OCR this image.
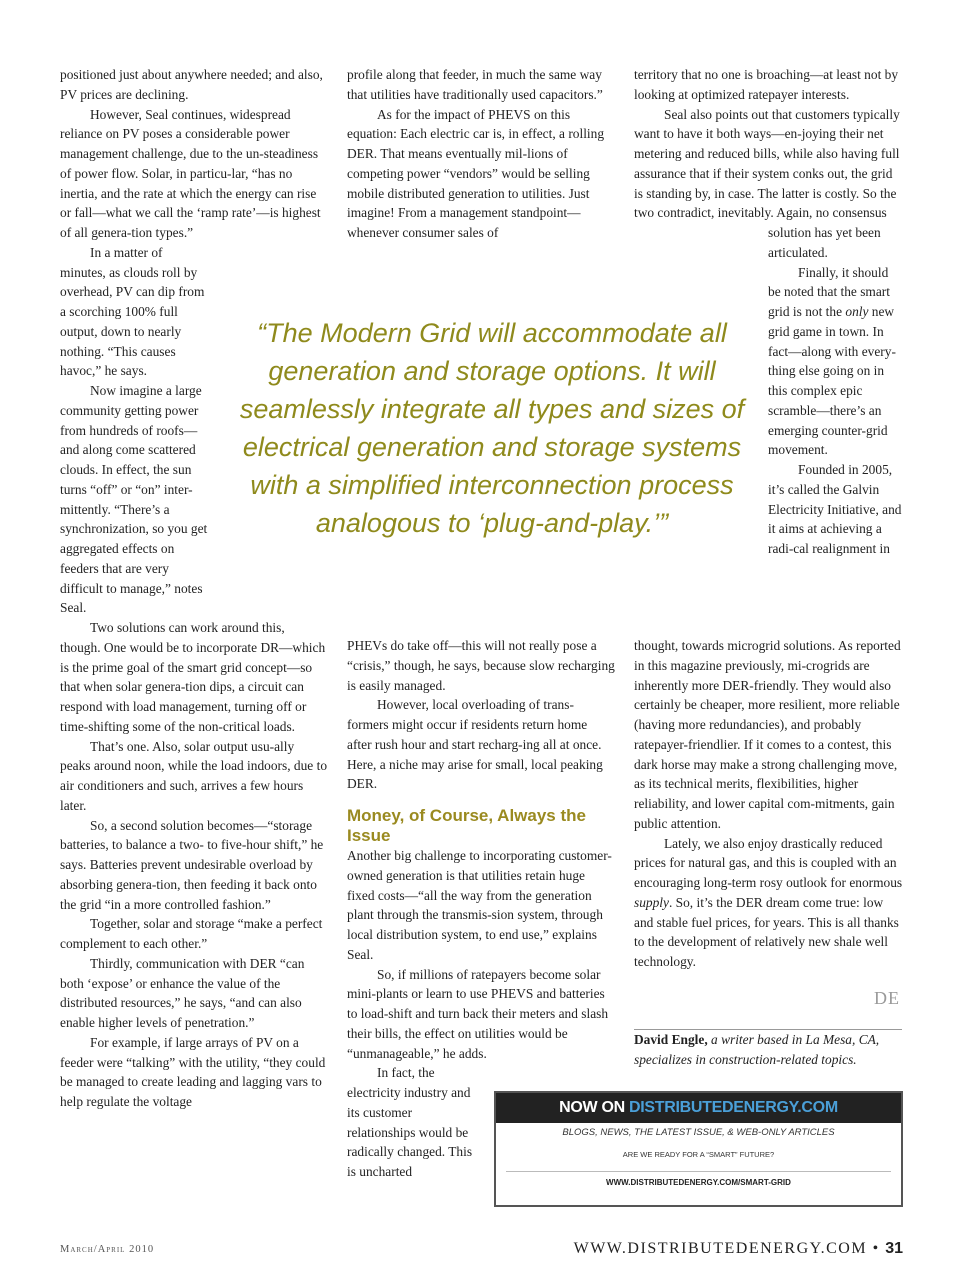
positioned just about anywhere needed; and also, PV prices are declining.

However, Seal continues, widespread reliance on PV poses a considerable power management challenge, due to the un-steadiness of power flow. Solar, in particu-lar, “has no inertia, and the rate at which the energy can rise or fall—what we call the ‘ramp rate’—is highest of all genera-tion types.”

In a matter of minutes, as clouds roll by overhead, PV can dip from a scorching 100% full output, down to nearly nothing. “This causes havoc,” he says.

Now imagine a large community getting power from hundreds of roofs—and along come scattered clouds. In effect, the sun turns “off” or “on” inter-mittently. “There’s a synchronization, so you get aggregated effects on feeders that are very difficult to manage,” notes Seal.

Two solutions can work around this, though. One would be to incorporate DR—which is the prime goal of the smart grid concept—so that when solar genera-tion dips, a circuit can respond with load management, turning off or time-shifting some of the non-critical loads.

That’s one. Also, solar output usu-ally peaks around noon, while the load indoors, due to air conditioners and such, arrives a few hours later.

So, a second solution becomes—“storage batteries, to balance a two- to five-hour shift,” he says. Batteries prevent undesirable overload by absorbing genera-tion, then feeding it back onto the grid “in a more controlled fashion.”

Together, solar and storage “make a perfect complement to each other.”

Thirdly, communication with DER “can both ‘expose’ or enhance the value of the distributed resources,” he says, “and can also enable higher levels of penetration.”

For example, if large arrays of PV on a feeder were “talking” with the utility, “they could be managed to create leading and lagging vars to help regulate the voltage

profile along that feeder, in much the same way that utilities have traditionally used capacitors.”

As for the impact of PHEVS on this equation: Each electric car is, in effect, a rolling DER. That means eventually mil-lions of competing power “vendors” would be selling mobile distributed generation to utilities. Just imagine! From a management standpoint—whenever consumer sales of

PHEVs do take off—this will not really pose a “crisis,” though, he says, because slow recharging is easily managed.

However, local overloading of trans-formers might occur if residents return home after rush hour and start recharg-ing all at once. Here, a niche may arise for small, local peaking DER.

Money, of Course, Always the Issue

Another big challenge to incorporating customer-owned generation is that utilities retain huge fixed costs—“all the way from the generation plant through the transmis-sion system, through local distribution system, to end use,” explains Seal.

So, if millions of ratepayers become solar mini-plants or learn to use PHEVS and batteries to load-shift and turn back their meters and slash their bills, the effect on utilities would be “unmanageable,” he adds.

In fact, the electricity industry and its customer relationships would be radically changed. This is uncharted

territory that no one is broaching—at least not by looking at optimized ratepayer interests.

Seal also points out that customers typically want to have it both ways—en-joying their net metering and reduced bills, while also having full assurance that if their system conks out, the grid is standing by, in case. The latter is costly. So the two contradict, inevitably. Again, no consensus

solution has yet been articulated.

Finally, it should be noted that the smart grid is not the only new grid game in town. In fact—along with every-thing else going on in this complex epic scramble—there’s an emerging counter-grid movement.

Founded in 2005, it’s called the Galvin Electricity Initiative, and it aims at achieving a radi-cal realignment in

thought, towards microgrid solutions. As reported in this magazine previously, mi-crogrids are inherently more DER-friendly. They would also certainly be cheaper, more resilient, more reliable (having more redundancies), and probably ratepayer-friendlier. If it comes to a contest, this dark horse may make a strong challenging move, as its technical merits, flexibilities, higher reliability, and lower capital com-mitments, gain public attention.

Lately, we also enjoy drastically reduced prices for natural gas, and this is coupled with an encouraging long-term rosy outlook for enormous supply. So, it’s the DER dream come true: low and stable fuel prices, for years. This is all thanks to the development of relatively new shale well technology.

DE
“The Modern Grid will accommodate all generation and storage options. It will seamlessly integrate all types and sizes of electrical generation and storage systems with a simplified interconnection process analogous to ‘plug-and-play.’”
David Engle, a writer based in La Mesa, CA, specializes in construction-related topics.
NOW ON DISTRIBUTEDENERGY.COM
BLOGS, NEWS, THE LATEST ISSUE, & WEB-ONLY ARTICLES
ARE WE READY FOR A “SMART” FUTURE?
WWW.DISTRIBUTEDENERGY.COM/SMART-GRID
March/April 2010	WWW.DISTRIBUTEDENERGY.COM • 31
